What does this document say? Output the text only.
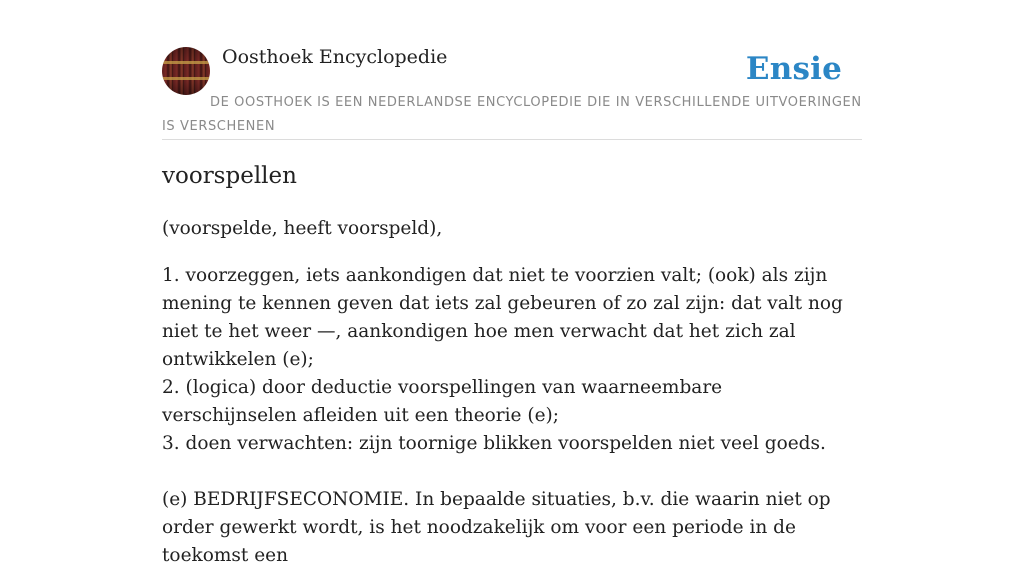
Oosthoek Encyclopedie	Ensie
DE OOSTHOEK IS EEN NEDERLANDSE ENCYCLOPEDIE DIE IN VERSCHILLENDE UITVOERINGEN IS VERSCHENEN
voorspellen

(voorspelde, heeft voorspeld),

1. voorzeggen, iets aankondigen dat niet te voorzien valt; (ook) als zijn mening te kennen geven dat iets zal gebeuren of zo zal zijn: dat valt nog niet te het weer —, aankondigen hoe men verwacht dat het zich zal ontwikkelen (e);

2. (logica) door deductie voorspellingen van waarneembare verschijnselen afleiden uit een theorie (e);

3. doen verwachten: zijn toornige blikken voorspelden niet veel goeds.

(e) BEDRIJFSECONOMIE. In bepaalde situaties, b.v. die waarin niet op order gewerkt wordt, is het noodzakelijk om voor een periode in de toekomst een
